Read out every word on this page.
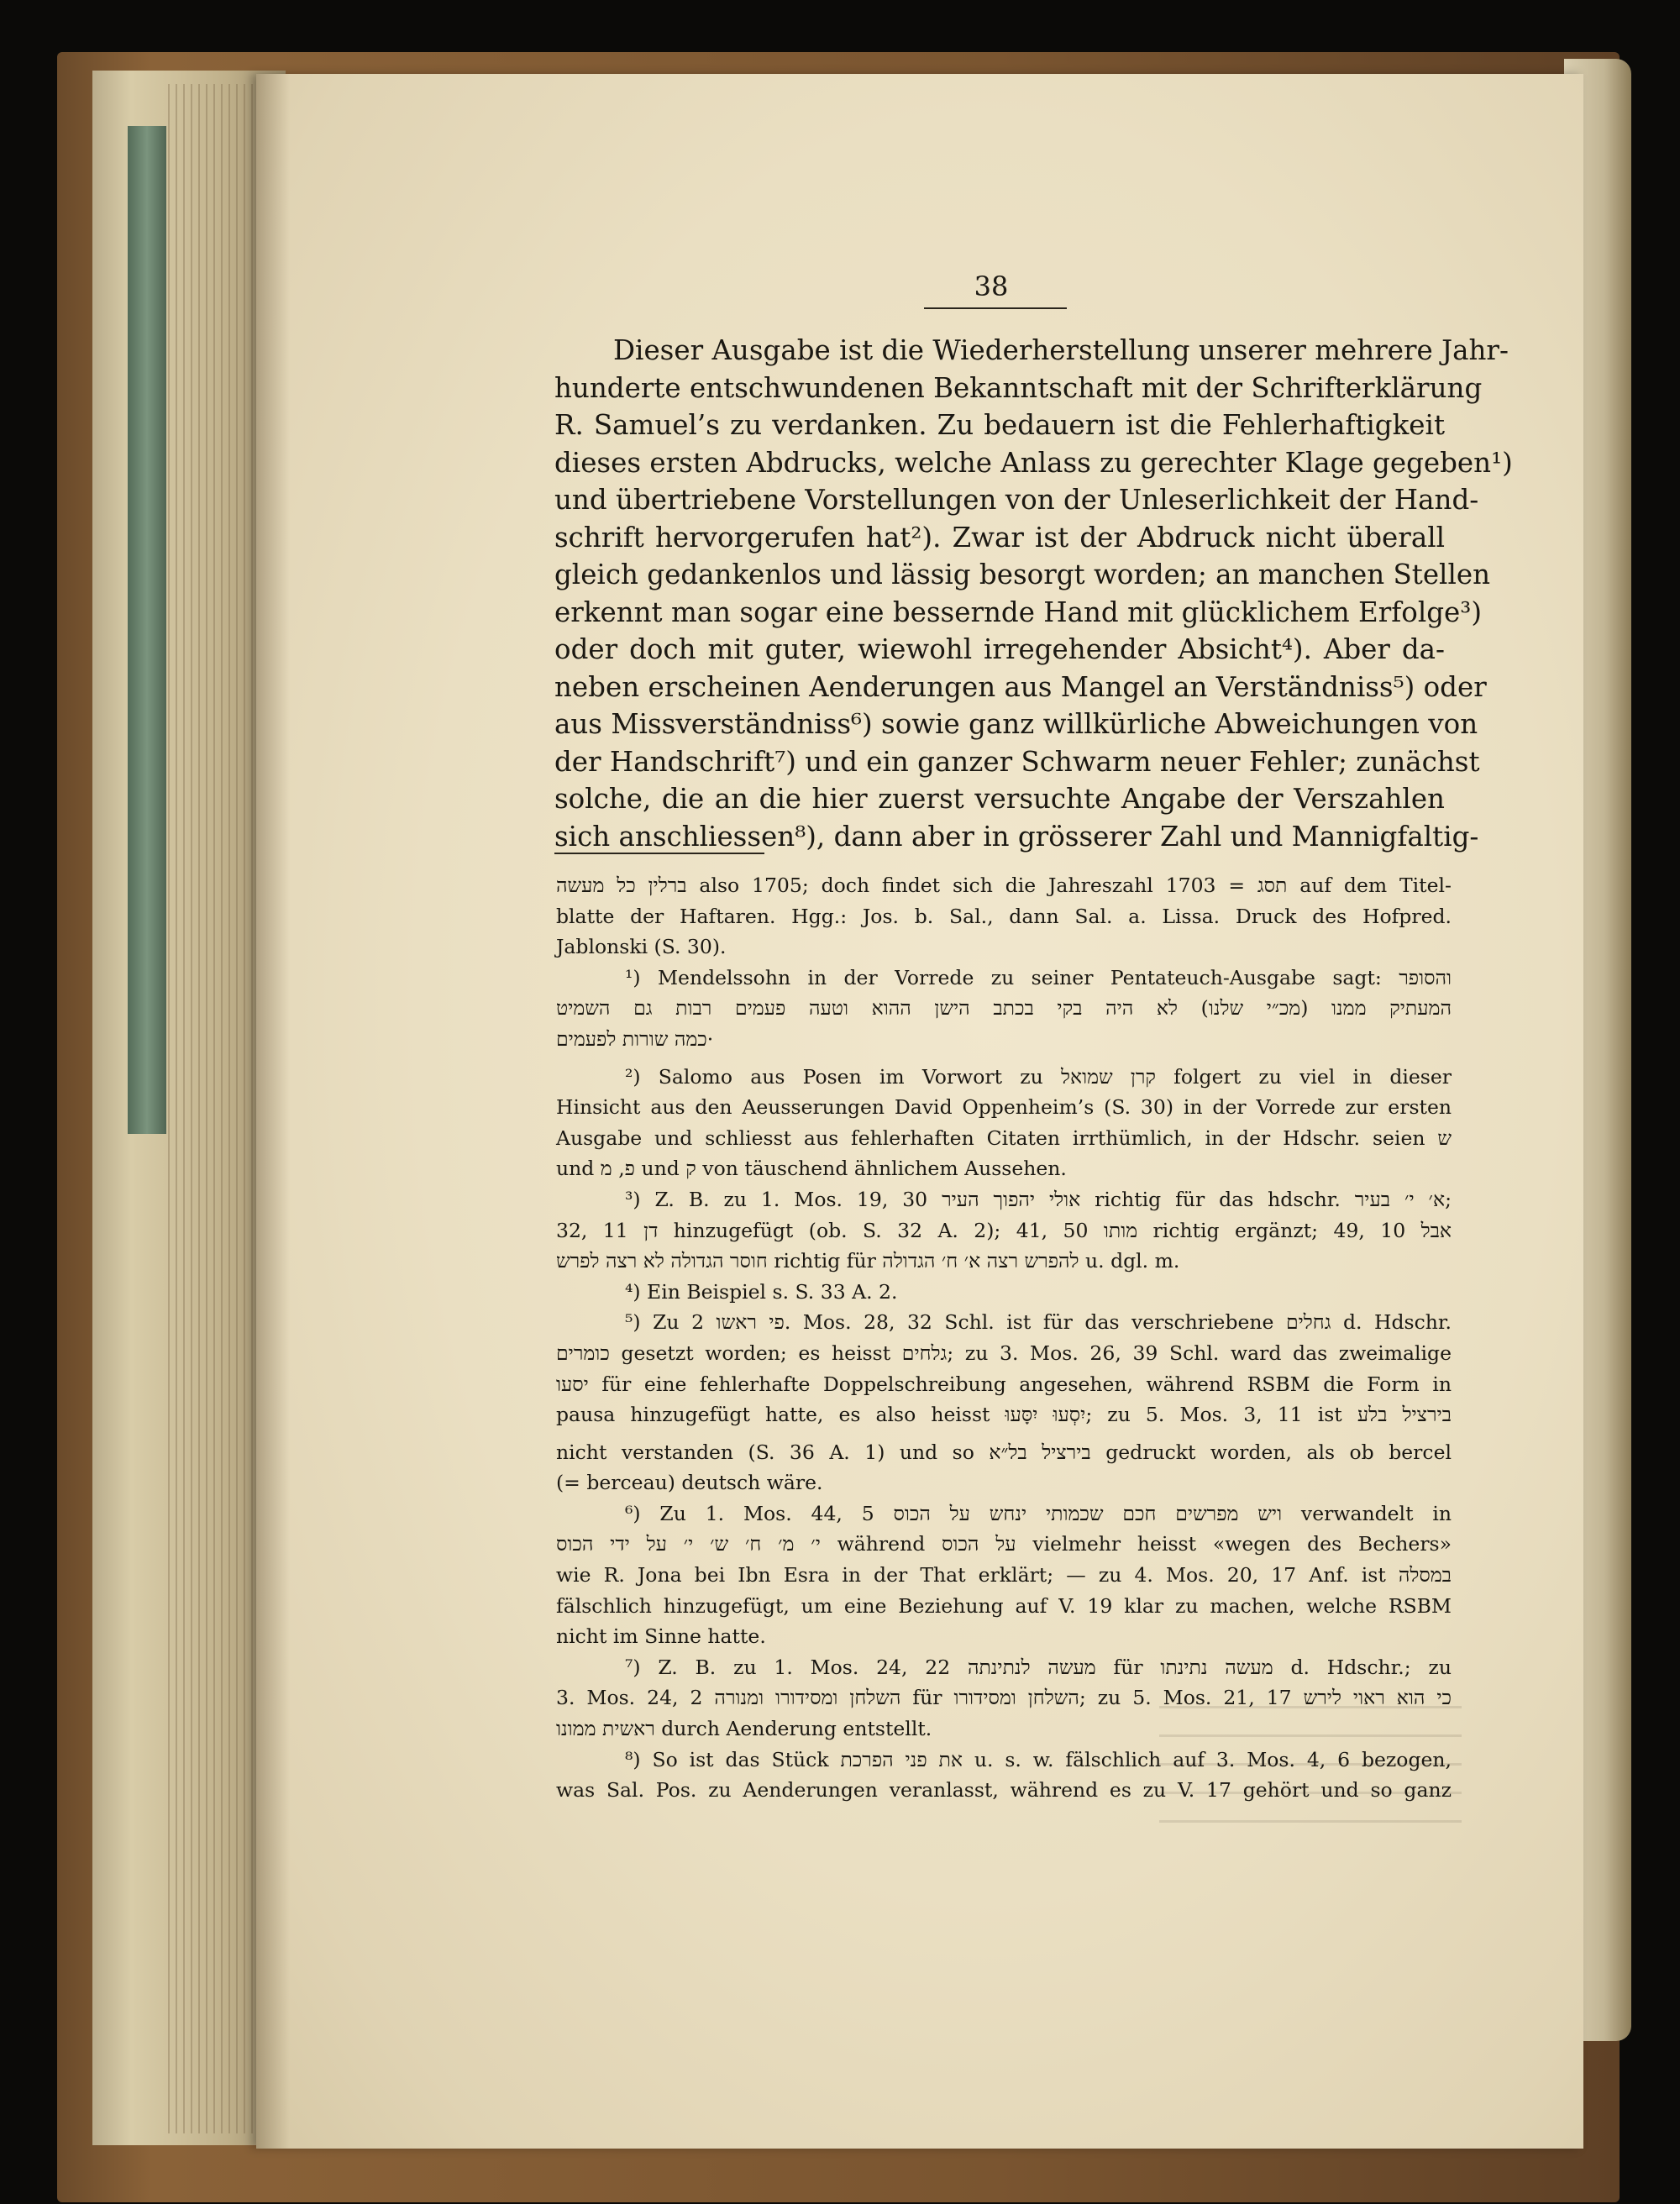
38
Dieser Ausgabe ist die Wiederherstellung unserer mehrere Jahr-
hunderte entschwundenen Bekanntschaft mit der Schrifterklärung
R. Samuel’s zu verdanken. Zu bedauern ist die Fehlerhaftigkeit
dieses ersten Abdrucks, welche Anlass zu gerechter Klage gegeben¹)
und übertriebene Vorstellungen von der Unleserlichkeit der Hand-
schrift hervorgerufen hat²). Zwar ist der Abdruck nicht überall
gleich gedankenlos und lässig besorgt worden; an manchen Stellen
erkennt man sogar eine bessernde Hand mit glücklichem Erfolge³)
oder doch mit guter, wiewohl irregehender Absicht⁴). Aber da-
neben erscheinen Aenderungen aus Mangel an Verständniss⁵) oder
aus Missverständniss⁶) sowie ganz willkürliche Abweichungen von
der Handschrift⁷) und ein ganzer Schwarm neuer Fehler; zunächst
solche, die an die hier zuerst versuchte Angabe der Verszahlen
sich anschliessen⁸), dann aber in grösserer Zahl und Mannigfaltig-
ברלין כל מעשה also 1705; doch findet sich die Jahreszahl תסג = 1703 auf dem Titel-
blatte der Haftaren. Hgg.: Jos. b. Sal., dann Sal. a. Lissa. Druck des Hofpred.
Jablonski (S. 30).
¹) Mendelssohn in der Vorrede zu seiner Pentateuch-Ausgabe sagt: והסופר
המעתיק ממנו (מכ״י שלנו) לא היה בקי בכתב הישן ההוא וטעה פעמים רבות גם השמיט
כמה שורות לפעמים·
²) Salomo aus Posen im Vorwort zu קרן שמואל folgert zu viel in dieser
Hinsicht aus den Aeusserungen David Oppenheim’s (S. 30) in der Vorrede zur ersten
Ausgabe und schliesst aus fehlerhaften Citaten irrthümlich, in der Hdschr. seien ש
und פ, מ und ק von täuschend ähnlichem Aussehen.
³) Z. B. zu 1. Mos. 19, 30 אולי יהפוך העיר richtig für das hdschr. א׳ י׳ בעיר;
32, 11 דן hinzugefügt (ob. S. 32 A. 2); 41, 50 מותו richtig ergänzt; 49, 10 אבל
חוסר הגדולה לא רצה לפרש richtig für להפרש רצה א׳ ח׳ הגדולה u. dgl. m.
⁴) Ein Beispiel s. S. 33 A. 2.
⁵) Zu פי ראשו 2. Mos. 28, 32 Schl. ist für das verschriebene גחלים d. Hdschr.
כומרים gesetzt worden; es heisst גלחים; zu 3. Mos. 26, 39 Schl. ward das zweimalige
יסעו für eine fehlerhafte Doppelschreibung angesehen, während RSBM die Form in
pausa hinzugefügt hatte, es also heisst יִסְעוּ יִסָּעוּ; zu 5. Mos. 3, 11 ist בירציל בלע
nicht verstanden (S. 36 A. 1) und so בירציל בל״א gedruckt worden, als ob bercel
(= berceau) deutsch wäre.
⁶) Zu 1. Mos. 44, 5 ויש מפרשים חכם שכמותי ינחש על הכוס verwandelt in
י׳ מ׳ ח׳ ש׳ י׳ על ידי הכוס während על הכוס vielmehr heisst «wegen des Bechers»
wie R. Jona bei Ibn Esra in der That erklärt; — zu 4. Mos. 20, 17 Anf. ist במסלה
fälschlich hinzugefügt, um eine Beziehung auf V. 19 klar zu machen, welche RSBM
nicht im Sinne hatte.
⁷) Z. B. zu 1. Mos. 24, 22 מעשה לנתינתה für מעשה נתינתו d. Hdschr.; zu
3. Mos. 24, 2 השלחן ומסידורו ומנורה für השלחן ומסידורו; zu 5. Mos. 21, 17 כי הוא ראוי לירש
ראשית ממונו durch Aenderung entstellt.
⁸) So ist das Stück את פני הפרכת u. s. w. fälschlich auf 3. Mos. 4, 6 bezogen,
was Sal. Pos. zu Aenderungen veranlasst, während es zu V. 17 gehört und so ganz
